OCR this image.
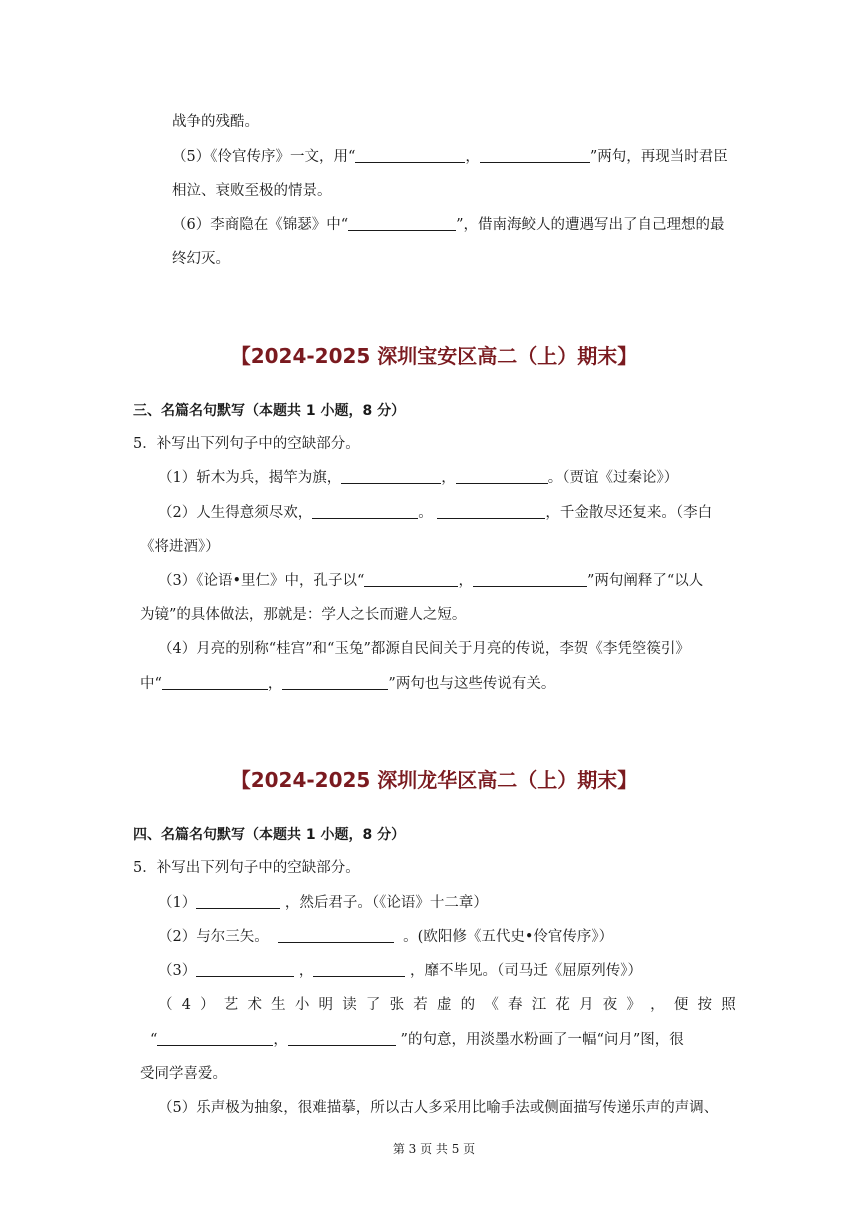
战争的残酷。
（5）《伶官传序》一文，用“	，	”两句，再现当时君臣
相泣、衰败至极的情景。
（6）李商隐在《锦瑟》中“	”，借南海鲛人的遭遇写出了自己理想的最
终幻灭。
【2024-2025 深圳宝安区高二（上）期末】
三、名篇名句默写（本题共 1 小题，8 分）
5．补写出下列句子中的空缺部分。
（1）斩木为兵，揭竿为旗，	，	。（贾谊《过秦论》）
（2）人生得意须尽欢，	。	，千金散尽还复来。（李白
《将进酒》）
（3）《论语•里仁》中，孔子以“	，	”两句阐释了“以人
为镜”的具体做法，那就是：学人之长而避人之短。
（4）月亮的别称“桂宫”和“玉兔”都源自民间关于月亮的传说，李贺《李凭箜篌引》
中“	，	”两句也与这些传说有关。
【2024-2025 深圳龙华区高二（上）期末】
四、名篇名句默写（本题共 1 小题，8 分）
5．补写出下列句子中的空缺部分。
（1）	，然后君子。（《论语》十二章）
（2）与尔三矢。	。(欧阳修《五代史•伶官传序》）
（3）	，	，靡不毕见。（司马迁《屈原列传》）
（ 4 ） 艺 术 生 小 明 读 了 张 若 虚 的 《 春 江 花 月 夜 》 ， 便 按 照
“	，	”的句意，用淡墨水粉画了一幅“问月”图，很
受同学喜爱。
（5）乐声极为抽象，很难描摹，所以古人多采用比喻手法或侧面描写传递乐声的声调、
第 3 页 共 5 页
